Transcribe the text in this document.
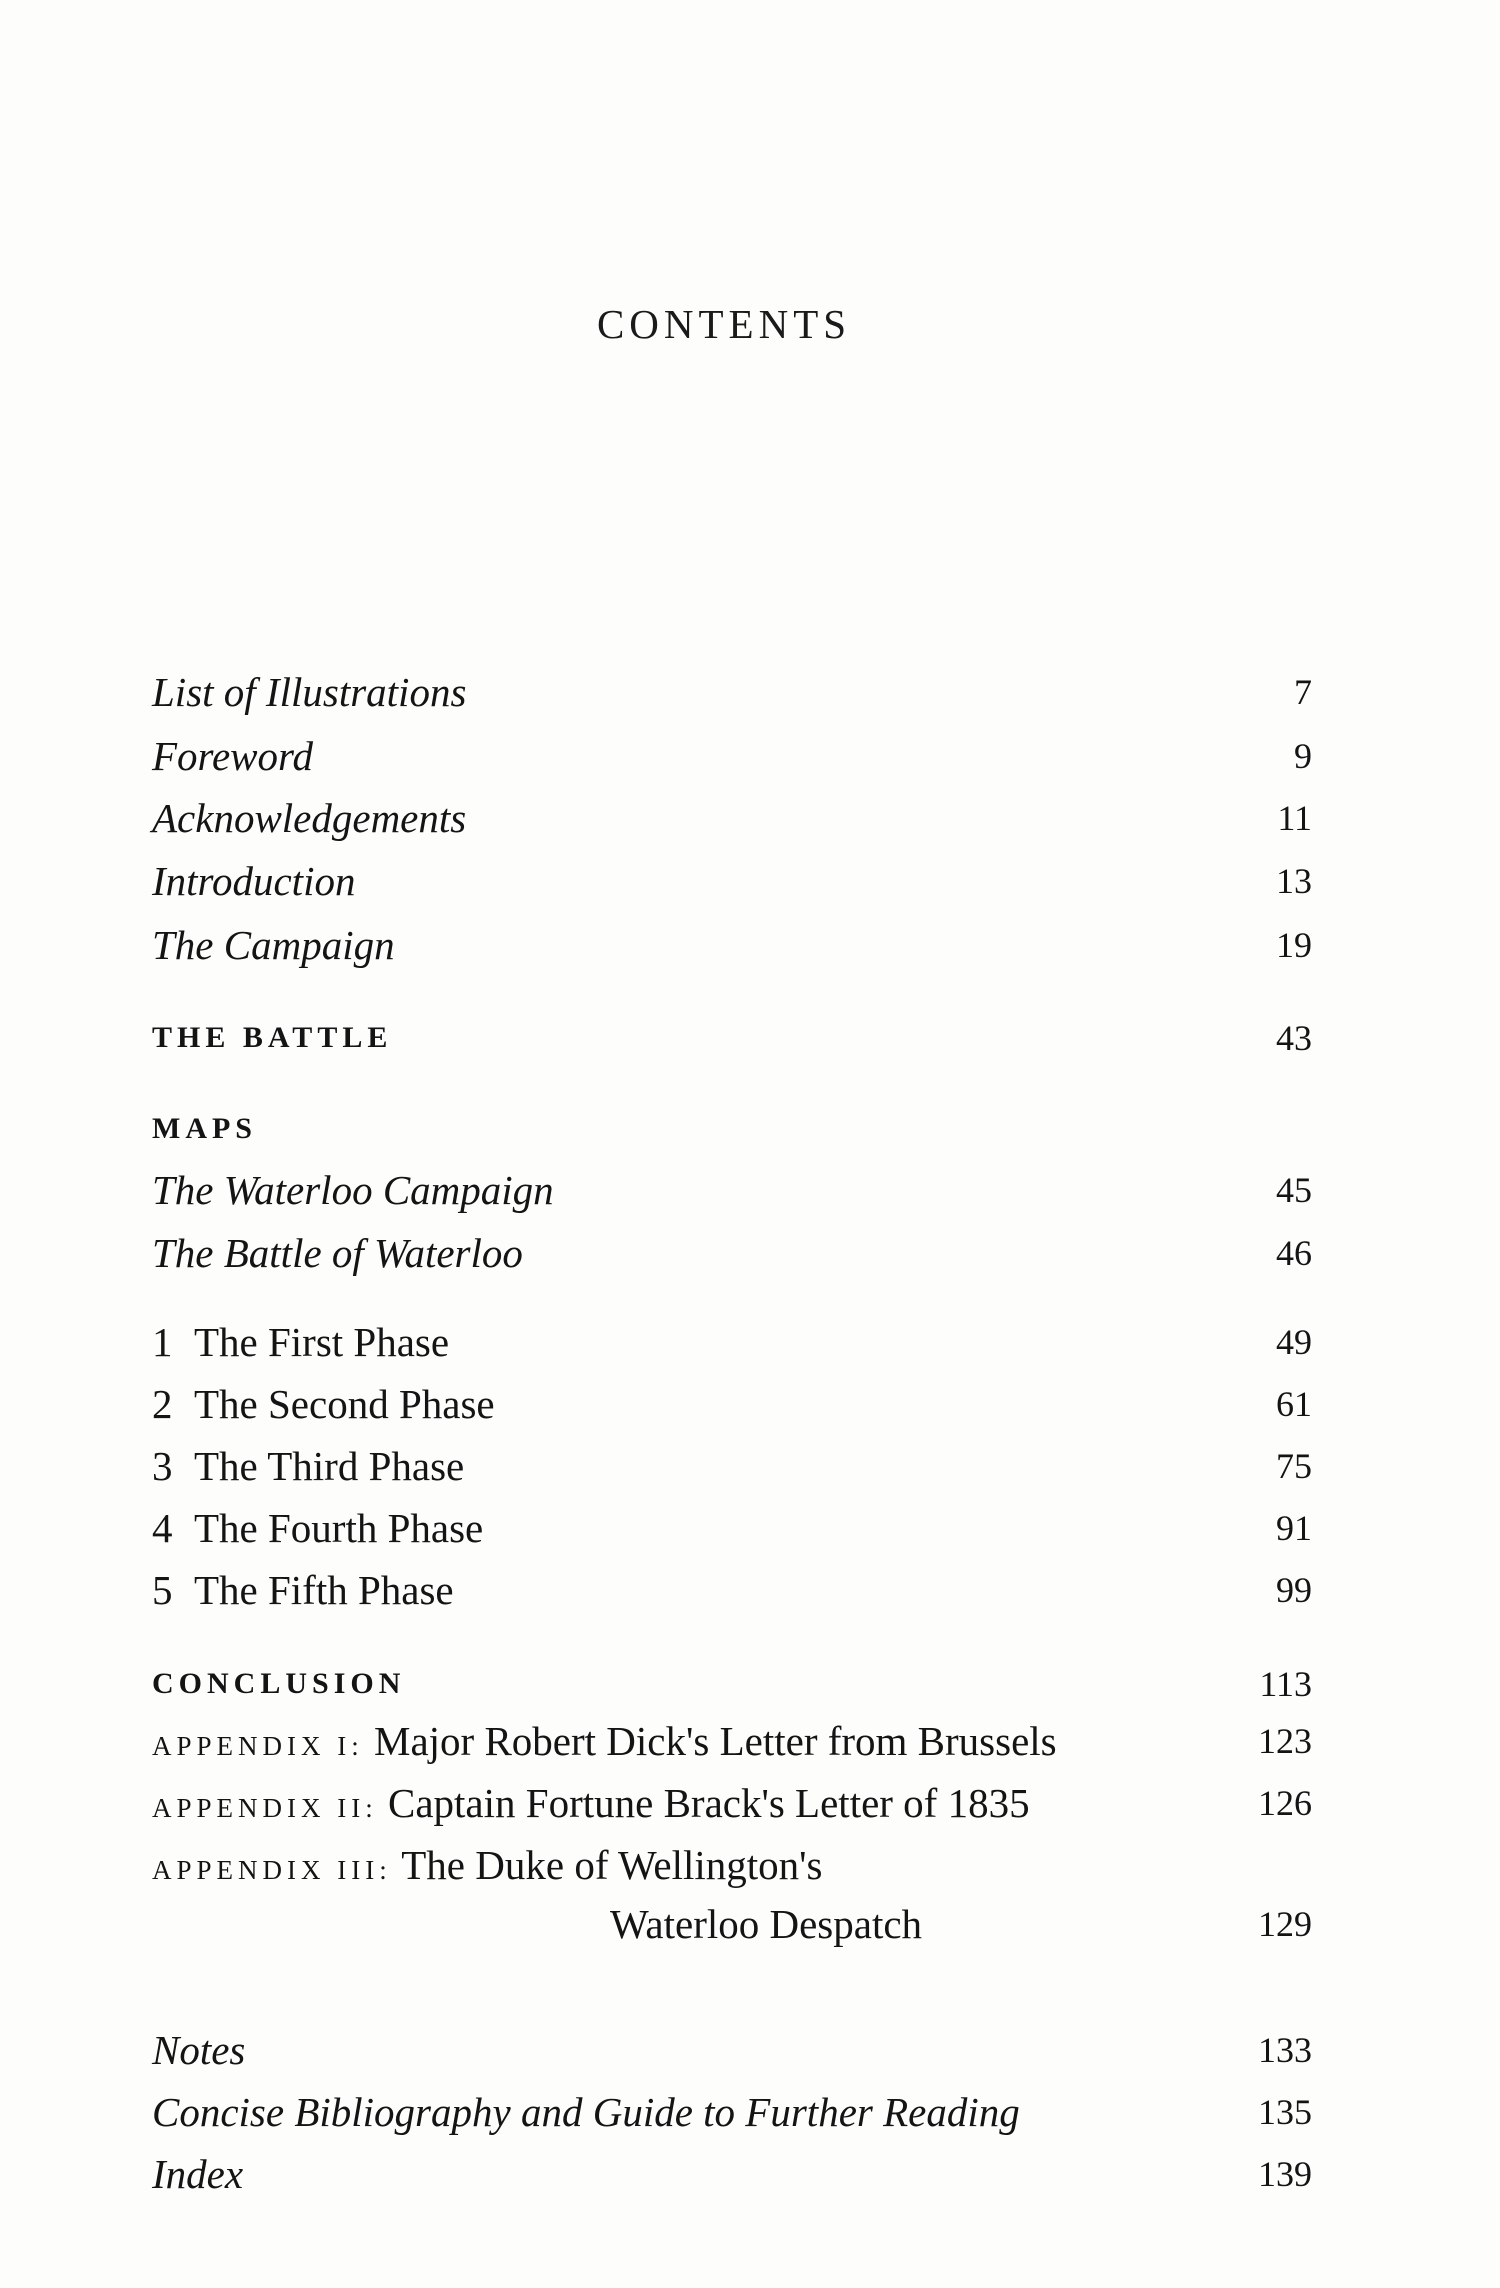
CONTENTS
List of Illustrations	7
Foreword	9
Acknowledgements	11
Introduction	13
The Campaign	19
THE BATTLE	43
MAPS
The Waterloo Campaign	45
The Battle of Waterloo	46
1 The First Phase	49
2 The Second Phase	61
3 The Third Phase	75
4 The Fourth Phase	91
5 The Fifth Phase	99
CONCLUSION	113
APPENDIX I: Major Robert Dick's Letter from Brussels	123
APPENDIX II: Captain Fortune Brack's Letter of 1835	126
APPENDIX III: The Duke of Wellington's
Waterloo Despatch	129
Notes	133
Concise Bibliography and Guide to Further Reading	135
Index	139
